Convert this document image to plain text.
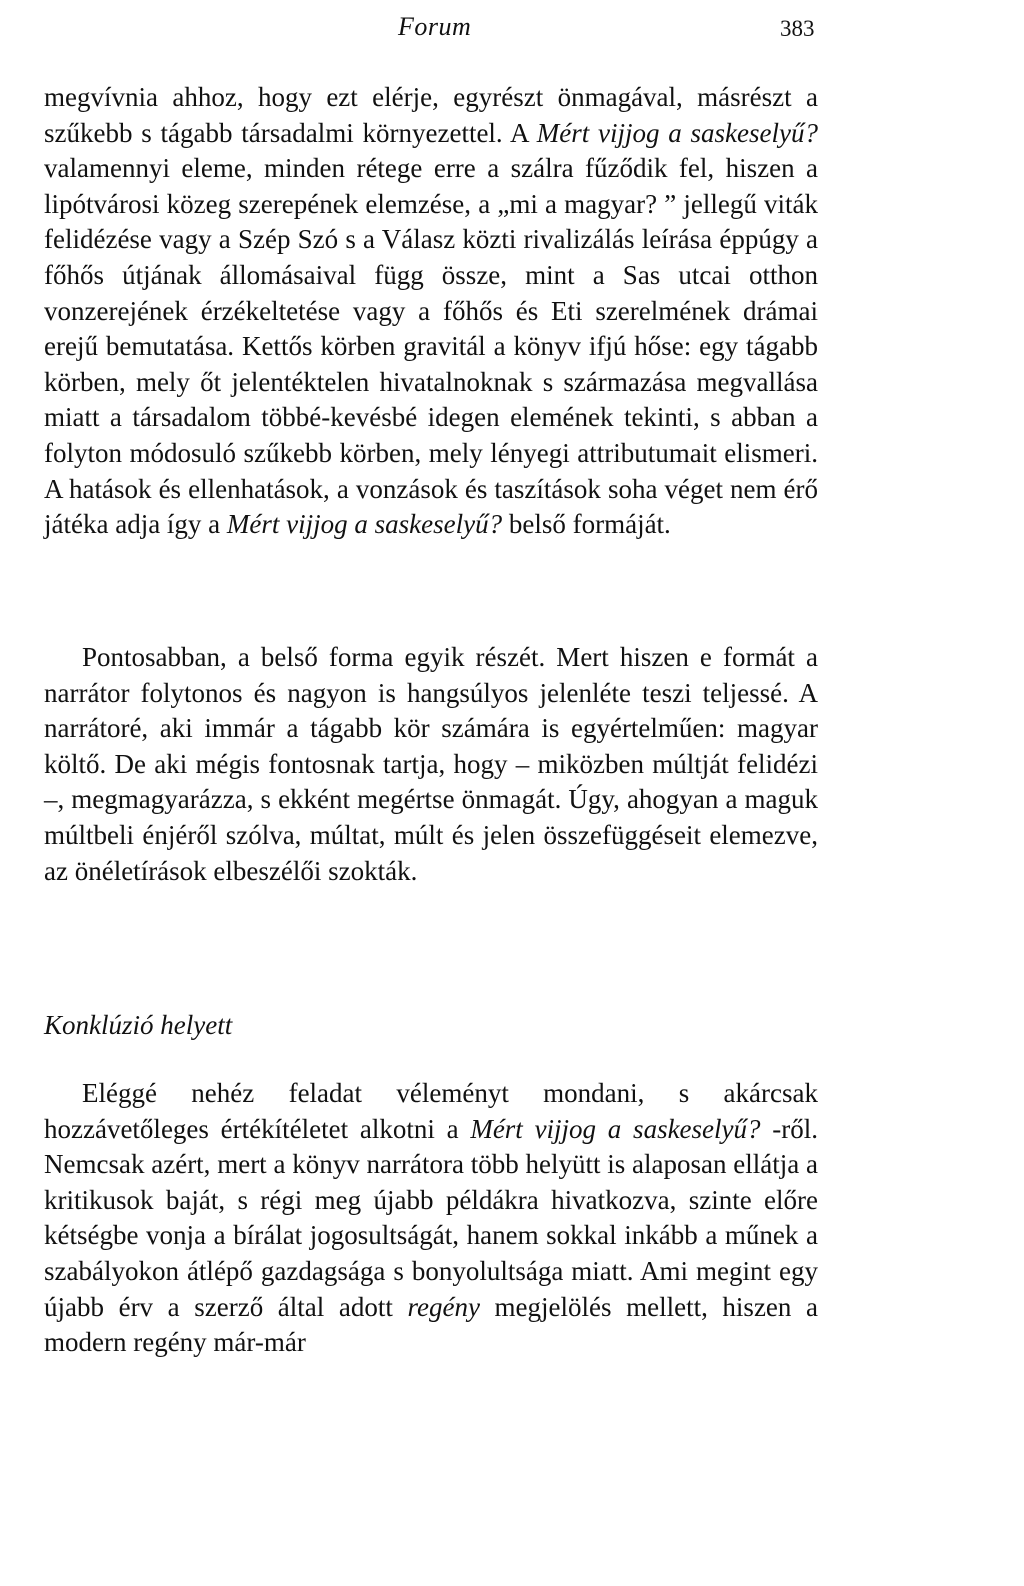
Forum	383

megvívnia ahhoz, hogy ezt elérje, egyrészt önmagával, másrészt a szűkebb s tágabb társadalmi környezettel. A Mért vijjog a saskeselyű? valamennyi eleme, minden rétege erre a szálra fűződik fel, hiszen a lipótvárosi közeg szerepének elemzése, a „mi a magyar? ” jellegű viták felidézése vagy a Szép Szó s a Válasz közti rivalizálás leírása éppúgy a főhős útjának állomásaival függ össze, mint a Sas utcai otthon vonzerejének érzékeltetése vagy a főhős és Eti szerelmének drámai erejű bemutatása. Kettős körben gravitál a könyv ifjú hőse: egy tágabb körben, mely őt jelentéktelen hivatalnoknak s származása megvallása miatt a társadalom többé-kevésbé idegen elemének tekinti, s abban a folyton módosuló szűkebb körben, mely lényegi attributumait elismeri. A hatások és ellenhatások, a vonzások és taszítások soha véget nem érő játéka adja így a Mért vijjog a saskeselyű? belső formáját.

Pontosabban, a belső forma egyik részét. Mert hiszen e formát a narrátor folytonos és nagyon is hangsúlyos jelenléte teszi teljessé. A narrátoré, aki immár a tágabb kör számára is egyértelműen: magyar költő. De aki mégis fontosnak tartja, hogy – miközben múltját felidézi –, megmagyarázza, s ekként megértse önmagát. Úgy, ahogyan a maguk múltbeli énjéről szólva, múltat, múlt és jelen összefüggéseit elemezve, az önéletírások elbeszélői szokták.

Konklúzió helyett

Eléggé nehéz feladat véleményt mondani, s akárcsak hozzávetőleges értékítéletet alkotni a Mért vijjog a saskeselyű? -ről. Nemcsak azért, mert a könyv narrátora több helyütt is alaposan ellátja a kritikusok baját, s régi meg újabb példákra hivatkozva, szinte előre kétségbe vonja a bírálat jogosultságát, hanem sokkal inkább a műnek a szabályokon átlépő gazdagsága s bonyolultsága miatt. Ami megint egy újabb érv a szerző által adott regény megjelölés mellett, hiszen a modern regény már-már
